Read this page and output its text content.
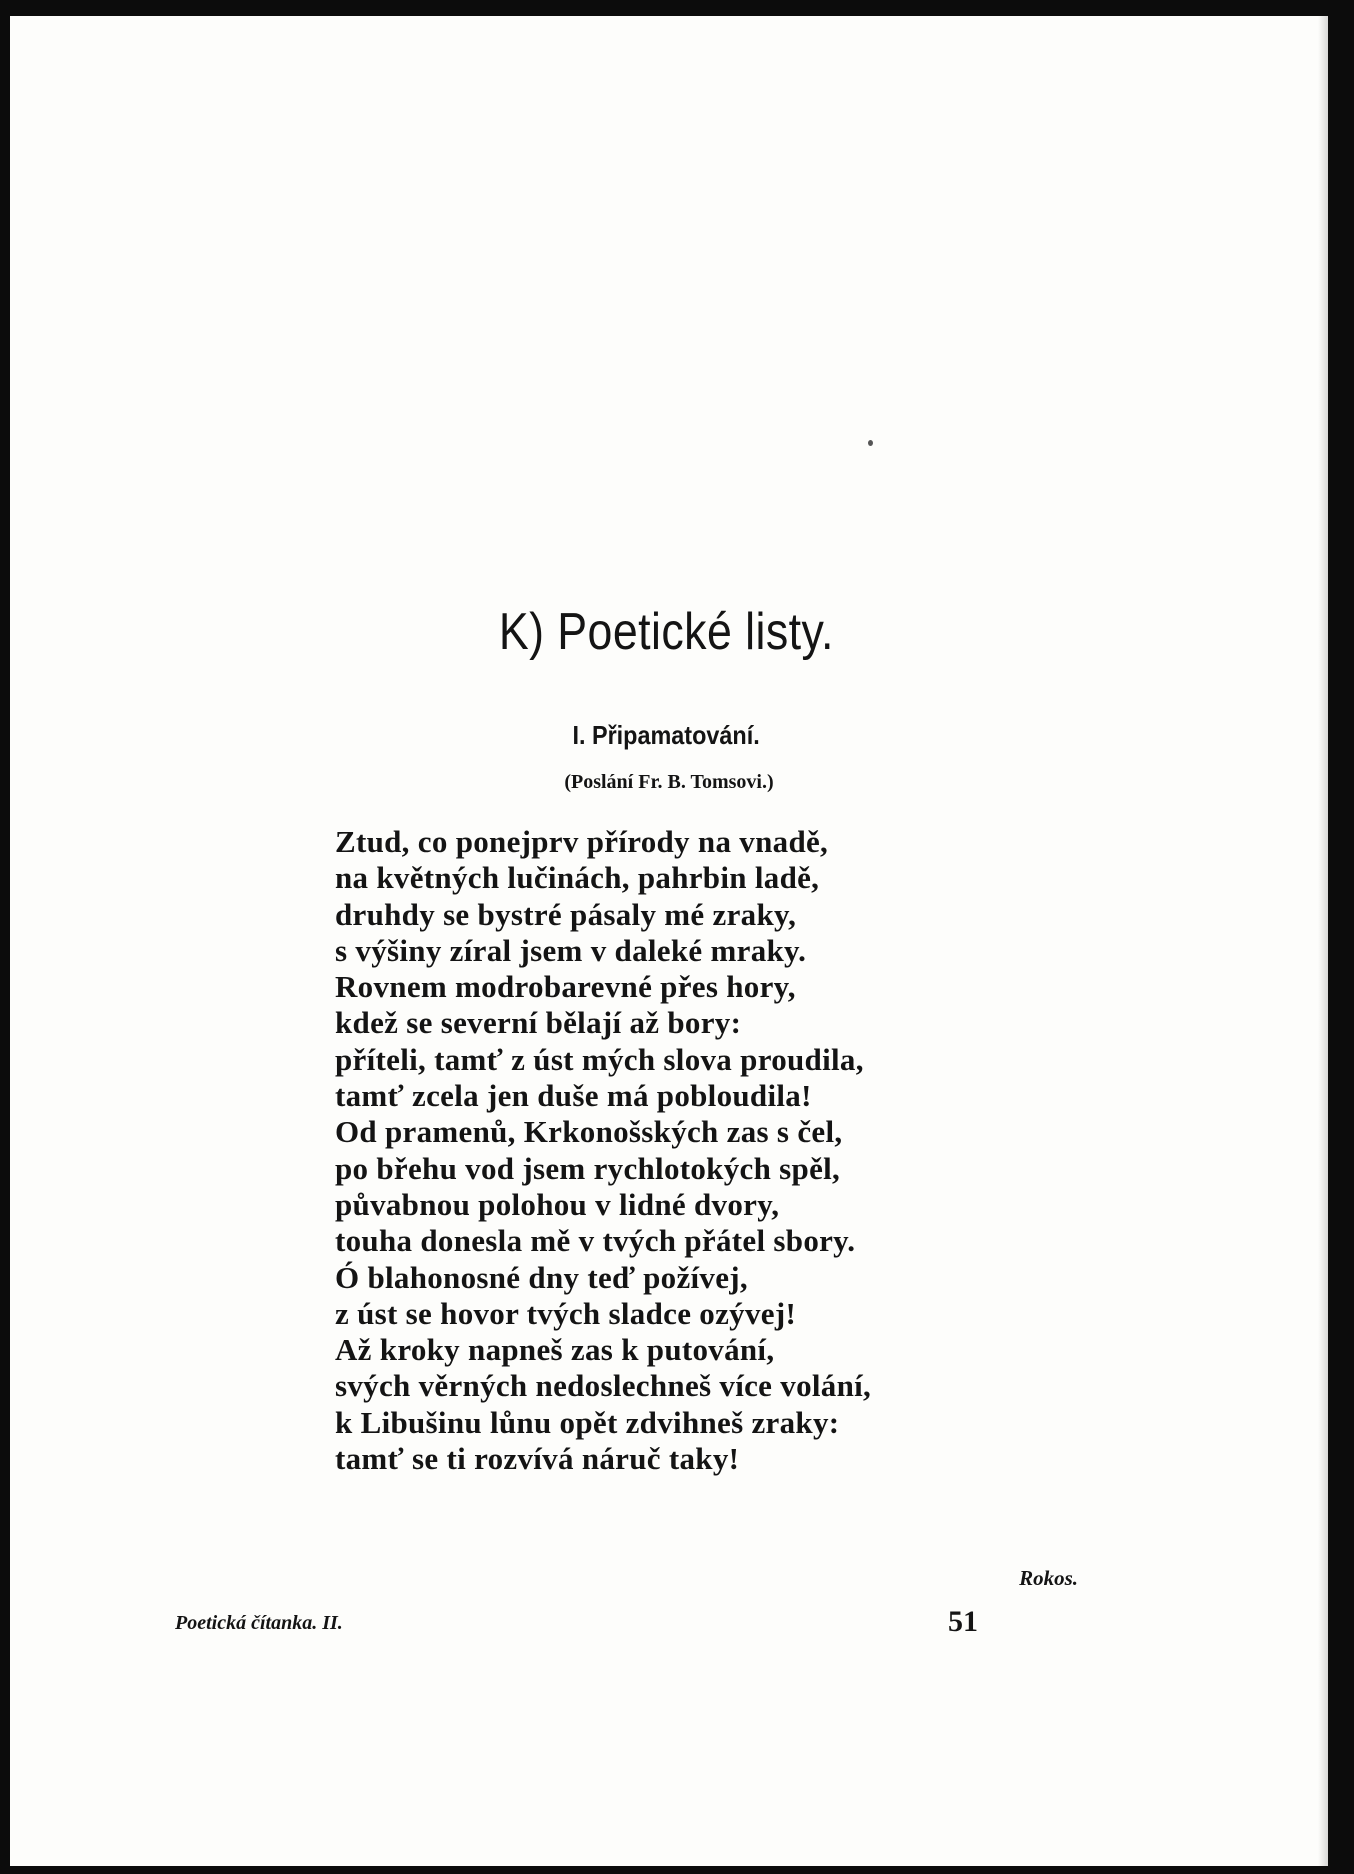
K) Poetické listy.
I. Připamatování.
(Poslání Fr. B. Tomsovi.)
Ztud, co ponejprv přírody na vnadě,
na květných lučinách, pahrbin ladě,
druhdy se bystré pásaly mé zraky,
s výšiny zíral jsem v daleké mraky.
Rovnem modrobarevné přes hory,
kdež se severní bělají až bory:
příteli, tamť z úst mých slova proudila,
tamť zcela jen duše má pobloudila!
Od pramenů, Krkonošských zas s čel,
po břehu vod jsem rychlotokých spěl,
půvabnou polohou v lidné dvory,
touha donesla mě v tvých přátel sbory.
Ó blahonosné dny teď požívej,
z úst se hovor tvých sladce ozývej!
Až kroky napneš zas k putování,
svých věrných nedoslechneš více volání,
k Libušinu lůnu opět zdvihneš zraky:
tamť se ti rozvívá náruč taky!
Rokos.
Poetická čítanka. II.	51
